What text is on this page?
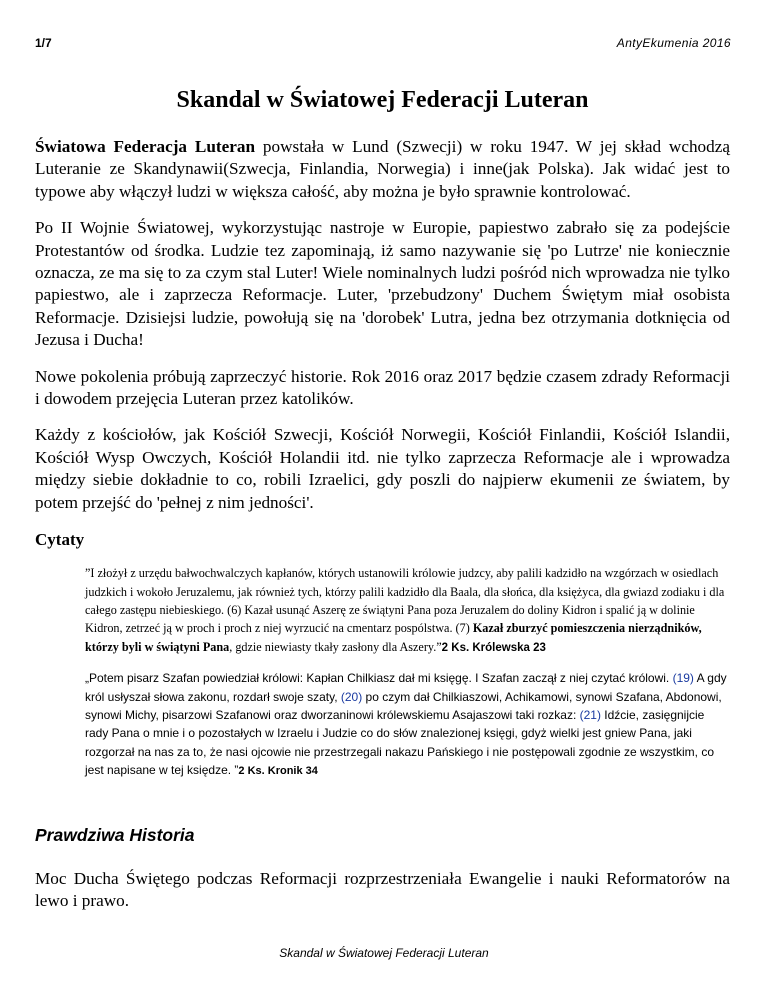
1/7	AntyEkumenia 2016
Skandal w Światowej Federacji Luteran

Światowa Federacja Luteran powstała w Lund (Szwecji) w roku 1947. W jej skład wchodzą Luteranie ze Skandynawii(Szwecja, Finlandia, Norwegia) i inne(jak Polska). Jak widać jest to typowe aby włączył ludzi w większa całość, aby można je było sprawnie kontrolować.

Po II Wojnie Światowej, wykorzystując nastroje w Europie, papiestwo zabrało się za podejście Protestantów od środka. Ludzie tez zapominają, iż samo nazywanie się 'po Lutrze' nie koniecznie oznacza, ze ma się to za czym stal Luter! Wiele nominalnych ludzi pośród nich wprowadza nie tylko papiestwo, ale i zaprzecza Reformacje. Luter, 'przebudzony' Duchem Świętym miał osobista Reformacje. Dzisiejsi ludzie, powołują się na 'dorobek' Lutra, jedna bez otrzymania dotknięcia od Jezusa i Ducha!

Nowe pokolenia próbują zaprzeczyć historie. Rok 2016 oraz 2017 będzie czasem zdrady Reformacji i dowodem przejęcia Luteran przez katolików.

Każdy z kościołów, jak Kościół Szwecji, Kościół Norwegii, Kościół Finlandii, Kościół Islandii, Kościół Wysp Owczych, Kościół Holandii itd. nie tylko zaprzecza Reformacje ale i wprowadza między siebie dokładnie to co, robili Izraelici, gdy poszli do najpierw ekumenii ze światem, by potem przejść do 'pełnej z nim jedności'.

Cytaty
”I złożył z urzędu bałwochwalczych kapłanów, których ustanowili królowie judzcy, aby palili kadzidło na wzgórzach w osiedlach judzkich i wokoło Jeruzalemu, jak również tych, którzy palili kadzidło dla Baala, dla słońca, dla księżyca, dla gwiazd zodiaku i dla całego zastępu niebieskiego. (6) Kazał usunąć Aszerę ze świątyni Pana poza Jeruzalem do doliny Kidron i spalić ją w dolinie Kidron, zetrzeć ją w proch i proch z niej wyrzucić na cmentarz pospólstwa. (7) Kazał zburzyć pomieszczenia nierządników, którzy byli w świątyni Pana, gdzie niewiasty tkały zasłony dla Aszery.”2 Ks. Królewska 23
„Potem pisarz Szafan powiedział królowi: Kapłan Chilkiasz dał mi księgę. I Szafan zaczął z niej czytać królowi. (19) A gdy król usłyszał słowa zakonu, rozdarł swoje szaty, (20) po czym dał Chilkiaszowi, Achikamowi, synowi Szafana, Abdonowi, synowi Michy, pisarzowi Szafanowi oraz dworzaninowi królewskiemu Asajaszowi taki rozkaz: (21) Idźcie, zasięgnijcie rady Pana o mnie i o pozostałych w Izraelu i Judzie co do słów znalezionej księgi, gdyż wielki jest gniew Pana, jaki rozgorzał na nas za to, że nasi ojcowie nie przestrzegali nakazu Pańskiego i nie postępowali zgodnie ze wszystkim, co jest napisane w tej księdze. ”2 Ks. Kronik 34
Prawdziwa Historia

Moc Ducha Świętego podczas Reformacji rozprzestrzeniała Ewangelie i nauki Reformatorów na lewo i prawo.

Skandal w Światowej Federacji Luteran
